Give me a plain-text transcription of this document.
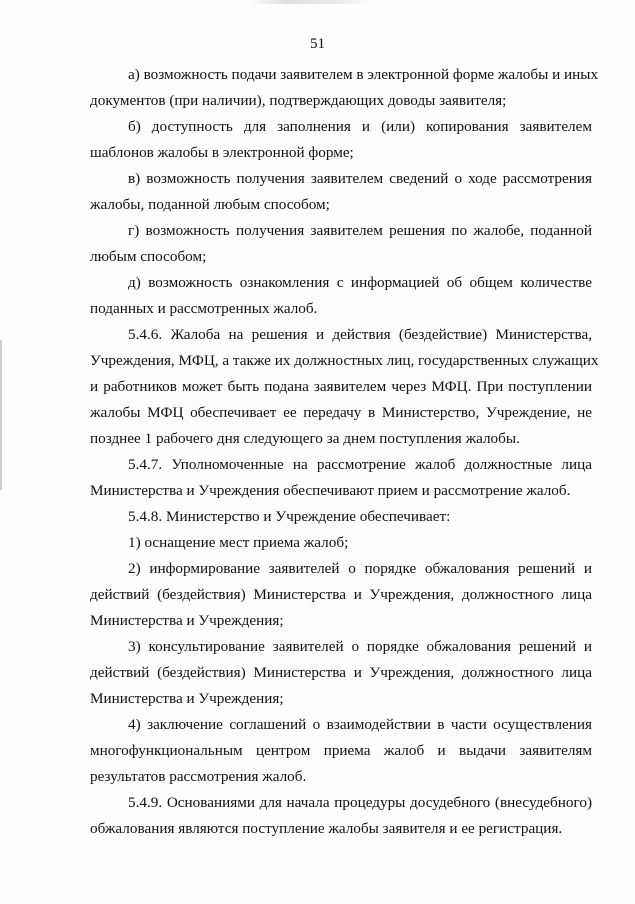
51
а) возможность подачи заявителем в электронной форме жалобы и иных
документов (при наличии), подтверждающих доводы заявителя;
б) доступность для заполнения и (или) копирования заявителем
шаблонов жалобы в электронной форме;
в) возможность получения заявителем сведений о ходе рассмотрения
жалобы, поданной любым способом;
г) возможность получения заявителем решения по жалобе, поданной
любым способом;
д) возможность ознакомления с информацией об общем количестве
поданных и рассмотренных жалоб.
5.4.6. Жалоба на решения и действия (бездействие) Министерства,
Учреждения, МФЦ, а также их должностных лиц, государственных служащих
и работников может быть подана заявителем через МФЦ. При поступлении
жалобы МФЦ обеспечивает ее передачу в Министерство, Учреждение, не
позднее 1 рабочего дня следующего за днем поступления жалобы.
5.4.7. Уполномоченные на рассмотрение жалоб должностные лица
Министерства и Учреждения обеспечивают прием и рассмотрение жалоб.
5.4.8. Министерство и Учреждение обеспечивает:
1) оснащение мест приема жалоб;
2) информирование заявителей о порядке обжалования решений и
действий (бездействия) Министерства и Учреждения, должностного лица
Министерства и Учреждения;
3) консультирование заявителей о порядке обжалования решений и
действий (бездействия) Министерства и Учреждения, должностного лица
Министерства и Учреждения;
4) заключение соглашений о взаимодействии в части осуществления
многофункциональным центром приема жалоб и выдачи заявителям
результатов рассмотрения жалоб.
5.4.9. Основаниями для начала процедуры досудебного (внесудебного)
обжалования являются поступление жалобы заявителя и ее регистрация.
